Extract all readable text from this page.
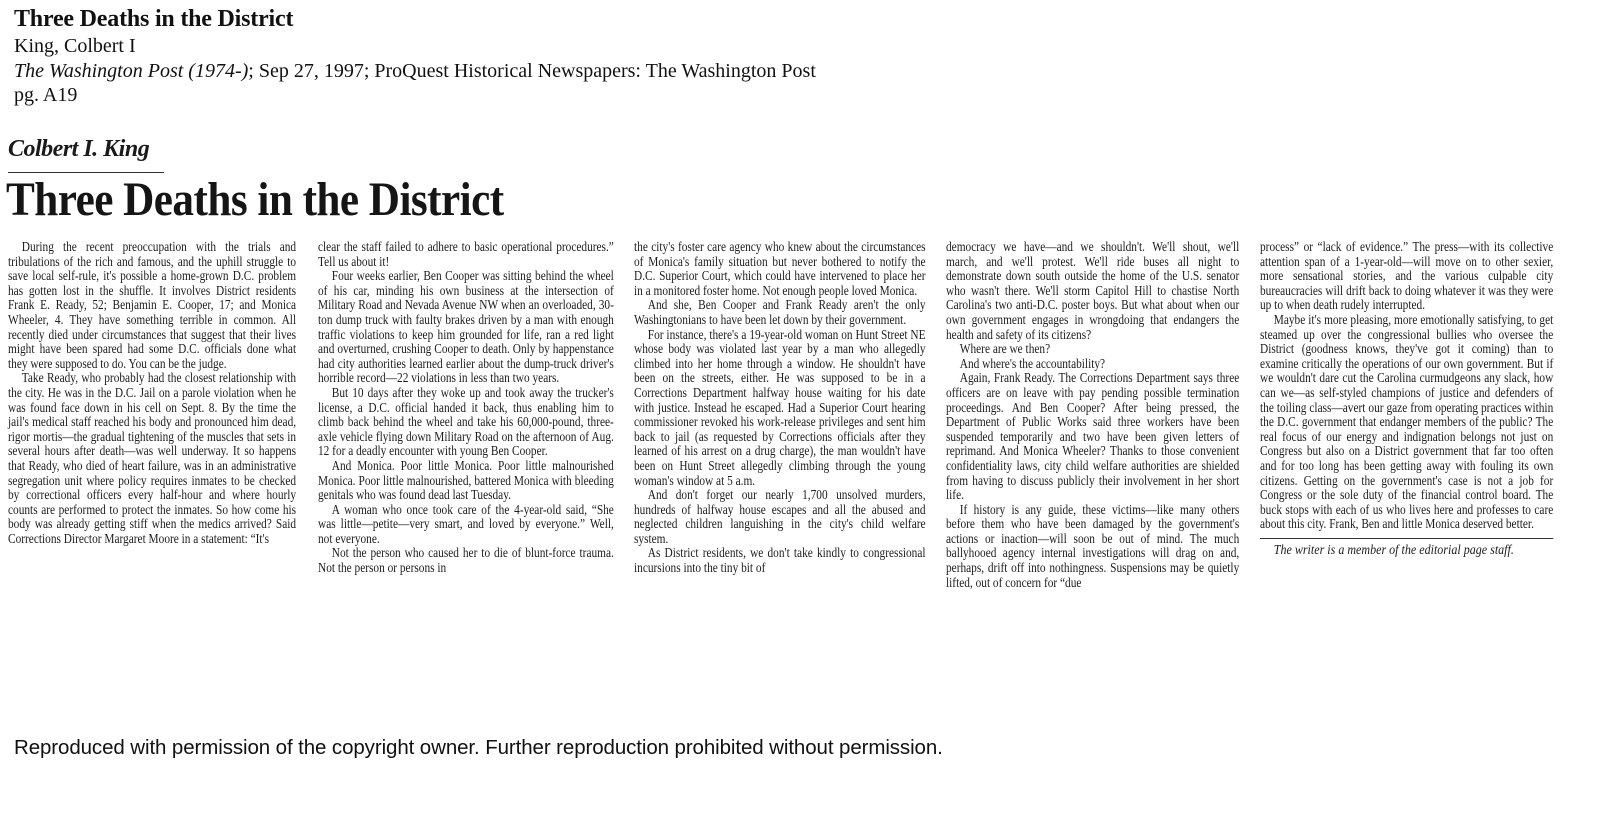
Three Deaths in the District
King, Colbert I
The Washington Post (1974-); Sep 27, 1997; ProQuest Historical Newspapers: The Washington Post
pg. A19
Colbert I. King
Three Deaths in the District

During the recent preoccupation with the trials and tribulations of the rich and famous, and the uphill struggle to save local self-rule, it's possible a home-grown D.C. problem has gotten lost in the shuffle. It involves District residents Frank E. Ready, 52; Benjamin E. Cooper, 17; and Monica Wheeler, 4. They have something terrible in common. All recently died under circumstances that suggest that their lives might have been spared had some D.C. officials done what they were supposed to do. You can be the judge.

Take Ready, who probably had the closest relationship with the city. He was in the D.C. Jail on a parole violation when he was found face down in his cell on Sept. 8. By the time the jail's medical staff reached his body and pronounced him dead, rigor mortis—the gradual tightening of the muscles that sets in several hours after death—was well underway. It so happens that Ready, who died of heart failure, was in an administrative segregation unit where policy requires inmates to be checked by correctional officers every half-hour and where hourly counts are performed to protect the inmates. So how come his body was already getting stiff when the medics arrived? Said Corrections Director Margaret Moore in a statement: “It's

clear the staff failed to adhere to basic operational procedures.” Tell us about it!

Four weeks earlier, Ben Cooper was sitting behind the wheel of his car, minding his own business at the intersection of Military Road and Nevada Avenue NW when an overloaded, 30-ton dump truck with faulty brakes driven by a man with enough traffic violations to keep him grounded for life, ran a red light and overturned, crushing Cooper to death. Only by happenstance had city authorities learned earlier about the dump-truck driver's horrible record—22 violations in less than two years.

But 10 days after they woke up and took away the trucker's license, a D.C. official handed it back, thus enabling him to climb back behind the wheel and take his 60,000-pound, three-axle vehicle flying down Military Road on the afternoon of Aug. 12 for a deadly encounter with young Ben Cooper.

And Monica. Poor little Monica. Poor little malnourished Monica. Poor little malnourished, battered Monica with bleeding genitals who was found dead last Tuesday.

A woman who once took care of the 4-year-old said, “She was little—petite—very smart, and loved by everyone.” Well, not everyone.

Not the person who caused her to die of blunt-force trauma. Not the person or persons in

the city's foster care agency who knew about the circumstances of Monica's family situation but never bothered to notify the D.C. Superior Court, which could have intervened to place her in a monitored foster home. Not enough people loved Monica.

And she, Ben Cooper and Frank Ready aren't the only Washingtonians to have been let down by their government.

For instance, there's a 19-year-old woman on Hunt Street NE whose body was violated last year by a man who allegedly climbed into her home through a window. He shouldn't have been on the streets, either. He was supposed to be in a Corrections Department halfway house waiting for his date with justice. Instead he escaped. Had a Superior Court hearing commissioner revoked his work-release privileges and sent him back to jail (as requested by Corrections officials after they learned of his arrest on a drug charge), the man wouldn't have been on Hunt Street allegedly climbing through the young woman's window at 5 a.m.

And don't forget our nearly 1,700 unsolved murders, hundreds of halfway house escapes and all the abused and neglected children languishing in the city's child welfare system.

As District residents, we don't take kindly to congressional incursions into the tiny bit of

democracy we have—and we shouldn't. We'll shout, we'll march, and we'll protest. We'll ride buses all night to demonstrate down south outside the home of the U.S. senator who wasn't there. We'll storm Capitol Hill to chastise North Carolina's two anti-D.C. poster boys. But what about when our own government engages in wrongdoing that endangers the health and safety of its citizens?

Where are we then?

And where's the accountability?

Again, Frank Ready. The Corrections Department says three officers are on leave with pay pending possible termination proceedings. And Ben Cooper? After being pressed, the Department of Public Works said three workers have been suspended temporarily and two have been given letters of reprimand. And Monica Wheeler? Thanks to those convenient confidentiality laws, city child welfare authorities are shielded from having to discuss publicly their involvement in her short life.

If history is any guide, these victims—like many others before them who have been damaged by the government's actions or inaction—will soon be out of mind. The much ballyhooed agency internal investigations will drag on and, perhaps, drift off into nothingness. Suspensions may be quietly lifted, out of concern for “due

process” or “lack of evidence.” The press—with its collective attention span of a 1-year-old—will move on to other sexier, more sensational stories, and the various culpable city bureaucracies will drift back to doing whatever it was they were up to when death rudely interrupted.

Maybe it's more pleasing, more emotionally satisfying, to get steamed up over the congressional bullies who oversee the District (goodness knows, they've got it coming) than to examine critically the operations of our own government. But if we wouldn't dare cut the Carolina curmudgeons any slack, how can we—as self-styled champions of justice and defenders of the toiling class—avert our gaze from operating practices within the D.C. government that endanger members of the public? The real focus of our energy and indignation belongs not just on Congress but also on a District government that far too often and for too long has been getting away with fouling its own citizens. Getting on the government's case is not a job for Congress or the sole duty of the financial control board. The buck stops with each of us who lives here and professes to care about this city. Frank, Ben and little Monica deserved better.

The writer is a member of the editorial page staff.

Reproduced with permission of the copyright owner. Further reproduction prohibited without permission.
